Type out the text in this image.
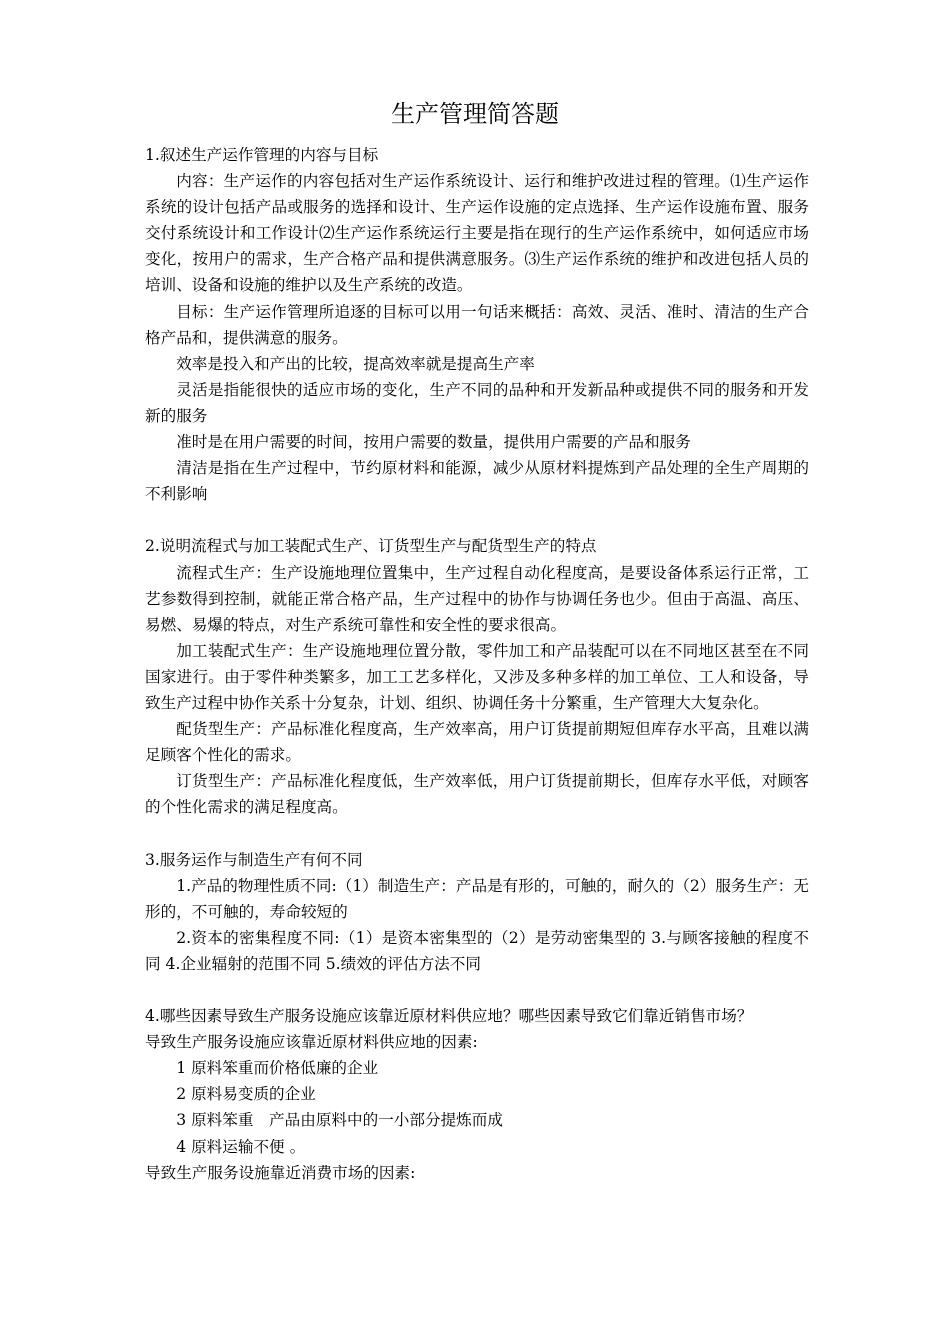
生产管理简答题

1.叙述生产运作管理的内容与目标

内容：生产运作的内容包括对生产运作系统设计、运行和维护改进过程的管理。⑴生产运作系统的设计包括产品或服务的选择和设计、生产运作设施的定点选择、生产运作设施布置、服务交付系统设计和工作设计⑵生产运作系统运行主要是指在现行的生产运作系统中，如何适应市场变化，按用户的需求，生产合格产品和提供满意服务。⑶生产运作系统的维护和改进包括人员的培训、设备和设施的维护以及生产系统的改造。

目标：生产运作管理所追逐的目标可以用一句话来概括：高效、灵活、准时、清洁的生产合格产品和，提供满意的服务。

效率是投入和产出的比较，提高效率就是提高生产率

灵活是指能很快的适应市场的变化，生产不同的品种和开发新品种或提供不同的服务和开发新的服务

准时是在用户需要的时间，按用户需要的数量，提供用户需要的产品和服务

清洁是指在生产过程中，节约原材料和能源，减少从原材料提炼到产品处理的全生产周期的不利影响

2.说明流程式与加工装配式生产、订货型生产与配货型生产的特点

流程式生产：生产设施地理位置集中，生产过程自动化程度高，是要设备体系运行正常，工艺参数得到控制，就能正常合格产品，生产过程中的协作与协调任务也少。但由于高温、高压、易燃、易爆的特点，对生产系统可靠性和安全性的要求很高。

加工装配式生产：生产设施地理位置分散，零件加工和产品装配可以在不同地区甚至在不同国家进行。由于零件种类繁多，加工工艺多样化，又涉及多种多样的加工单位、工人和设备，导致生产过程中协作关系十分复杂，计划、组织、协调任务十分繁重，生产管理大大复杂化。

配货型生产：产品标准化程度高，生产效率高，用户订货提前期短但库存水平高，且难以满足顾客个性化的需求。

订货型生产：产品标准化程度低，生产效率低，用户订货提前期长，但库存水平低，对顾客的个性化需求的满足程度高。

3.服务运作与制造生产有何不同

1.产品的物理性质不同:（1）制造生产：产品是有形的，可触的，耐久的（2）服务生产：无形的，不可触的，寿命较短的

2.资本的密集程度不同:（1）是资本密集型的（2）是劳动密集型的 3.与顾客接触的程度不同 4.企业辐射的范围不同 5.绩效的评估方法不同

4.哪些因素导致生产服务设施应该靠近原材料供应地？哪些因素导致它们靠近销售市场？

导致生产服务设施应该靠近原材料供应地的因素:

1 原料笨重而价格低廉的企业

2 原料易变质的企业

3 原料笨重　产品由原料中的一小部分提炼而成

4 原料运输不便 。

导致生产服务设施靠近消费市场的因素:
